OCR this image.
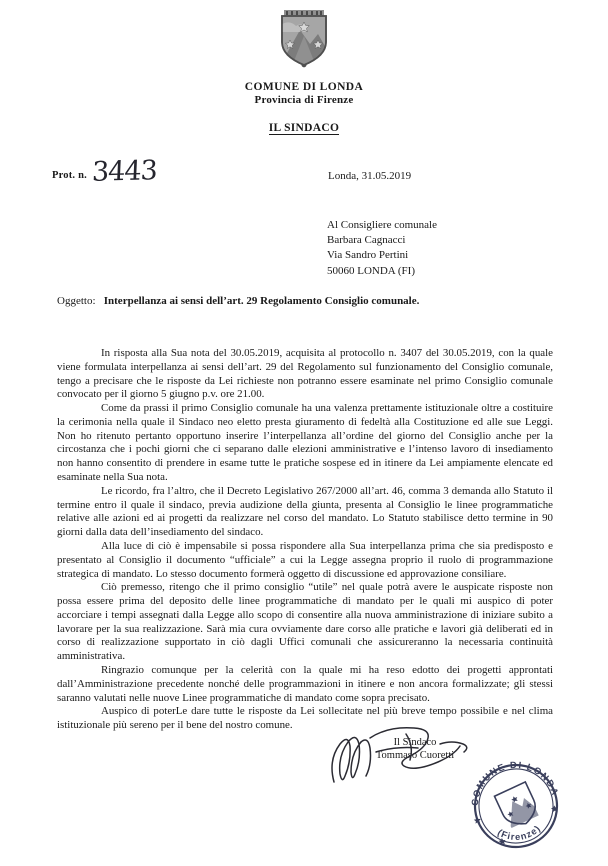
COMUNE DI LONDA
Provincia di Firenze
IL SINDACO
Prot. n. 3443	Londa, 31.05.2019
Al Consigliere comunale
Barbara Cagnacci
Via Sandro Pertini
50060 LONDA (FI)
Oggetto: Interpellanza ai sensi dell’art. 29 Regolamento Consiglio comunale.

In risposta alla Sua nota del 30.05.2019, acquisita al protocollo n. 3407 del 30.05.2019, con la quale viene formulata interpellanza ai sensi dell’art. 29 del Regolamento sul funzionamento del Consiglio comunale, tengo a precisare che le risposte da Lei richieste non potranno essere esaminate nel primo Consiglio comunale convocato per il giorno 5 giugno p.v. ore 21.00.

Come da prassi il primo Consiglio comunale ha una valenza prettamente istituzionale oltre a costituire la cerimonia nella quale il Sindaco neo eletto presta giuramento di fedeltà alla Costituzione ed alle sue Leggi. Non ho ritenuto pertanto opportuno inserire l’interpellanza all’ordine del giorno del Consiglio anche per la circostanza che i pochi giorni che ci separano dalle elezioni amministrative e l’intenso lavoro di insediamento non hanno consentito di prendere in esame tutte le pratiche sospese ed in itinere da Lei ampiamente elencate ed esaminate nella Sua nota.

Le ricordo, fra l’altro, che il Decreto Legislativo 267/2000 all’art. 46, comma 3 demanda allo Statuto il termine entro il quale il sindaco, previa audizione della giunta, presenta al Consiglio le linee programmatiche relative alle azioni ed ai progetti da realizzare nel corso del mandato. Lo Statuto stabilisce detto termine in 90 giorni dalla data dell’insediamento del sindaco.

Alla luce di ciò è impensabile si possa rispondere alla Sua interpellanza prima che sia predisposto e presentato al Consiglio il documento “ufficiale” a cui la Legge assegna proprio il ruolo di programmazione strategica di mandato. Lo stesso documento formerà oggetto di discussione ed approvazione consiliare.

Ciò premesso, ritengo che il primo consiglio “utile” nel quale potrà avere le auspicate risposte non possa essere prima del deposito delle linee programmatiche di mandato per le quali mi auspico di poter accorciare i tempi assegnati dalla Legge allo scopo di consentire alla nuova amministrazione di iniziare subito a lavorare per la sua realizzazione. Sarà mia cura ovviamente dare corso alle pratiche e lavori già deliberati ed in corso di realizzazione supportato in ciò dagli Uffici comunali che assicureranno la necessaria continuità amministrativa.

Ringrazio comunque per la celerità con la quale mi ha reso edotto dei progetti approntati dall’Amministrazione precedente nonché delle programmazioni in itinere e non ancora formalizzate; gli stessi saranno valutati nelle nuove Linee programmatiche di mandato come sopra precisato.

Auspico di poterLe dare tutte le risposte da Lei sollecitate nel più breve tempo possibile e nel clima istituzionale più sereno per il bene del nostro comune.

Il Sindaco
Tommaso Cuoretti
COMUNE DI LONDA
(Firenze)
